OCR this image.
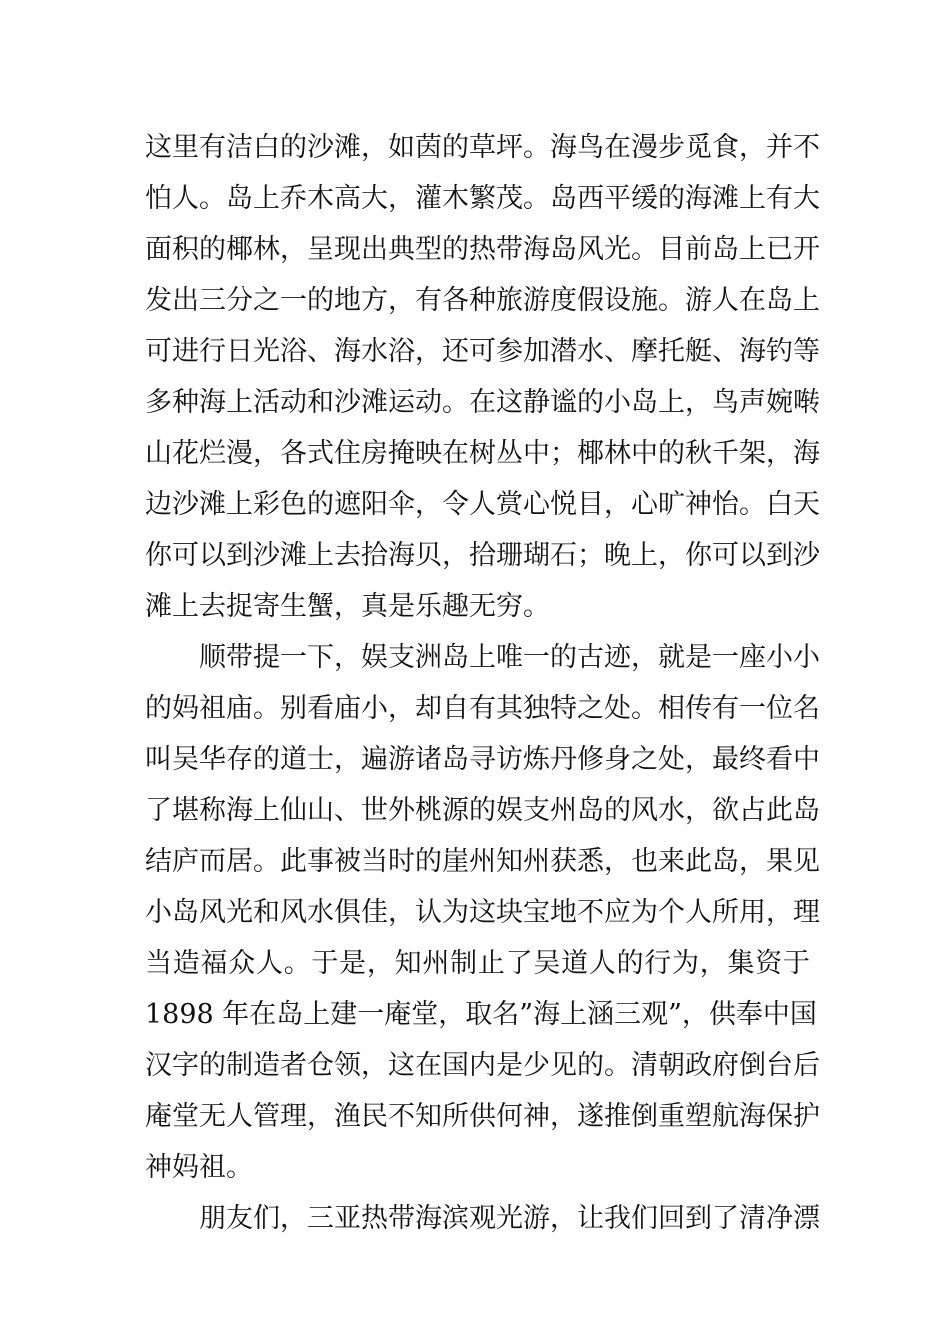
这里有洁白的沙滩，如茵的草坪。海鸟在漫步觅食，并不
怕人。岛上乔木高大，灌木繁茂。岛西平缓的海滩上有大
面积的椰林，呈现出典型的热带海岛风光。目前岛上已开
发出三分之一的地方，有各种旅游度假设施。游人在岛上
可进行日光浴、海水浴，还可参加潜水、摩托艇、海钓等
多种海上活动和沙滩运动。在这静谧的小岛上，鸟声婉啭
山花烂漫，各式住房掩映在树丛中；椰林中的秋千架，海
边沙滩上彩色的遮阳伞，令人赏心悦目，心旷神怡。白天
你可以到沙滩上去拾海贝，拾珊瑚石；晚上，你可以到沙
滩上去捉寄生蟹，真是乐趣无穷。
顺带提一下，娱支洲岛上唯一的古迹，就是一座小小
的妈祖庙。别看庙小，却自有其独特之处。相传有一位名
叫吴华存的道士，遍游诸岛寻访炼丹修身之处，最终看中
了堪称海上仙山、世外桃源的娱支州岛的风水，欲占此岛
结庐而居。此事被当时的崖州知州获悉，也来此岛，果见
小岛风光和风水俱佳，认为这块宝地不应为个人所用，理
当造福众人。于是，知州制止了吴道人的行为，集资于
1898 年在岛上建一庵堂，取名”海上涵三观”，供奉中国
汉字的制造者仓领，这在国内是少见的。清朝政府倒台后
庵堂无人管理，渔民不知所供何神，遂推倒重塑航海保护
神妈祖。
朋友们，三亚热带海滨观光游，让我们回到了清净漂
